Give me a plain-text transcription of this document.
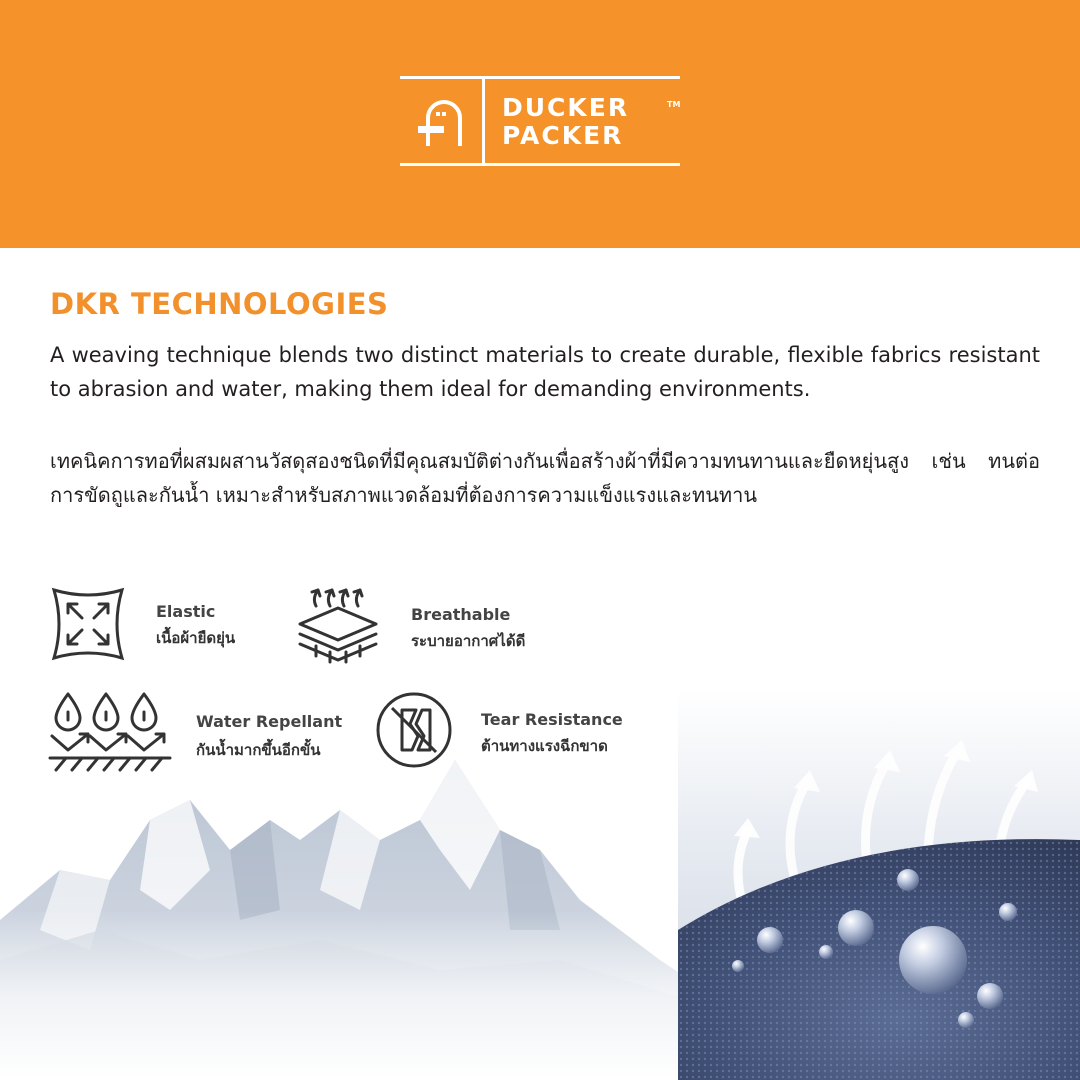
DUCKER
PACKER
TM
DKR TECHNOLOGIES

A weaving technique blends two distinct materials to create durable, flexible fabrics resistant to abrasion and water, making them ideal for demanding environments.

เทคนิคการทอที่ผสมผสานวัสดุสองชนิดที่มีคุณสมบัติต่างกันเพื่อสร้างผ้าที่มีความทนทานและยืดหยุ่นสูง เช่น ทนต่อการขัดถูและกันน้ำ เหมาะสำหรับสภาพแวดล้อมที่ต้องการความแข็งแรงและทนทาน

Elastic
เนื้อผ้ายืดยุ่น
Breathable
ระบายอากาศได้ดี
Water Repellant
กันน้ำมากขึ้นอีกขั้น
Tear Resistance
ต้านทางแรงฉีกขาด
